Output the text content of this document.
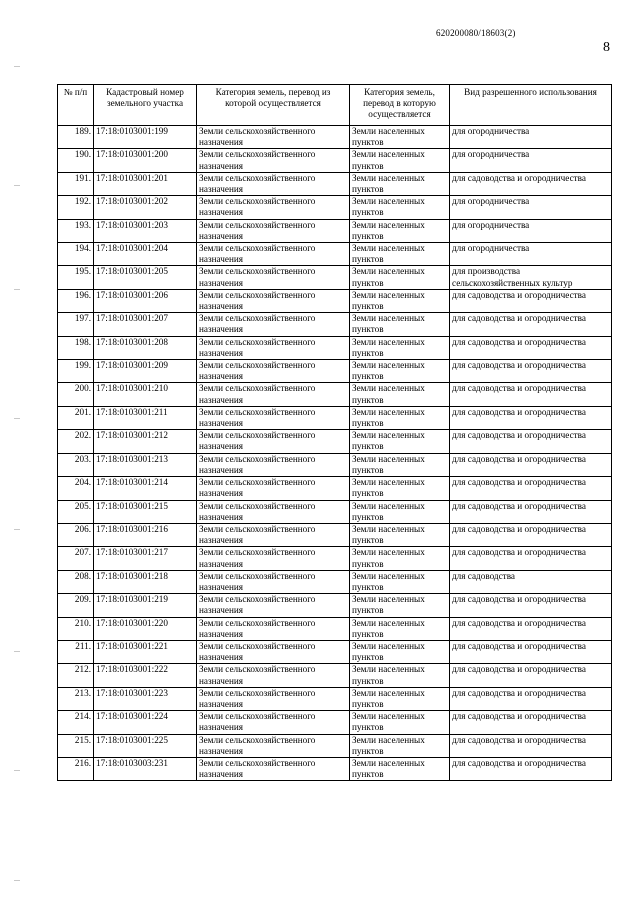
620200080/18603(2)
8
№ п/п	Кадастровый номер земельного участка	Категория земель, перевод из которой осуществляется	Категория земель, перевод в которую осуществляется	Вид разрешенного использования
189.	17:18:0103001:199	Земли сельскохозяйственного назначения	Земли населенных пунктов	для огородничества
190.	17:18:0103001:200	Земли сельскохозяйственного назначения	Земли населенных пунктов	для огородничества
191.	17:18:0103001:201	Земли сельскохозяйственного назначения	Земли населенных пунктов	для садоводства и огородничества
192.	17:18:0103001:202	Земли сельскохозяйственного назначения	Земли населенных пунктов	для огородничества
193.	17:18:0103001:203	Земли сельскохозяйственного назначения	Земли населенных пунктов	для огородничества
194.	17:18:0103001:204	Земли сельскохозяйственного назначения	Земли населенных пунктов	для огородничества
195.	17:18:0103001:205	Земли сельскохозяйственного назначения	Земли населенных пунктов	для производства сельскохозяйственных культур
196.	17:18:0103001:206	Земли сельскохозяйственного назначения	Земли населенных пунктов	для садоводства и огородничества
197.	17:18:0103001:207	Земли сельскохозяйственного назначения	Земли населенных пунктов	для садоводства и огородничества
198.	17:18:0103001:208	Земли сельскохозяйственного назначения	Земли населенных пунктов	для садоводства и огородничества
199.	17:18:0103001:209	Земли сельскохозяйственного назначения	Земли населенных пунктов	для садоводства и огородничества
200.	17:18:0103001:210	Земли сельскохозяйственного назначения	Земли населенных пунктов	для садоводства и огородничества
201.	17:18:0103001:211	Земли сельскохозяйственного назначения	Земли населенных пунктов	для садоводства и огородничества
202.	17:18:0103001:212	Земли сельскохозяйственного назначения	Земли населенных пунктов	для садоводства и огородничества
203.	17:18:0103001:213	Земли сельскохозяйственного назначения	Земли населенных пунктов	для садоводства и огородничества
204.	17:18:0103001:214	Земли сельскохозяйственного назначения	Земли населенных пунктов	для садоводства и огородничества
205.	17:18:0103001:215	Земли сельскохозяйственного назначения	Земли населенных пунктов	для садоводства и огородничества
206.	17:18:0103001:216	Земли сельскохозяйственного назначения	Земли населенных пунктов	для садоводства и огородничества
207.	17:18:0103001:217	Земли сельскохозяйственного назначения	Земли населенных пунктов	для садоводства и огородничества
208.	17:18:0103001:218	Земли сельскохозяйственного назначения	Земли населенных пунктов	для садоводства
209.	17:18:0103001:219	Земли сельскохозяйственного назначения	Земли населенных пунктов	для садоводства и огородничества
210.	17:18:0103001:220	Земли сельскохозяйственного назначения	Земли населенных пунктов	для садоводства и огородничества
211.	17:18:0103001:221	Земли сельскохозяйственного назначения	Земли населенных пунктов	для садоводства и огородничества
212.	17:18:0103001:222	Земли сельскохозяйственного назначения	Земли населенных пунктов	для садоводства и огородничества
213.	17:18:0103001:223	Земли сельскохозяйственного назначения	Земли населенных пунктов	для садоводства и огородничества
214.	17:18:0103001:224	Земли сельскохозяйственного назначения	Земли населенных пунктов	для садоводства и огородничества
215.	17:18:0103001:225	Земли сельскохозяйственного назначения	Земли населенных пунктов	для садоводства и огородничества
216.	17:18:0103003:231	Земли сельскохозяйственного назначения	Земли населенных пунктов	для садоводства и огородничества
